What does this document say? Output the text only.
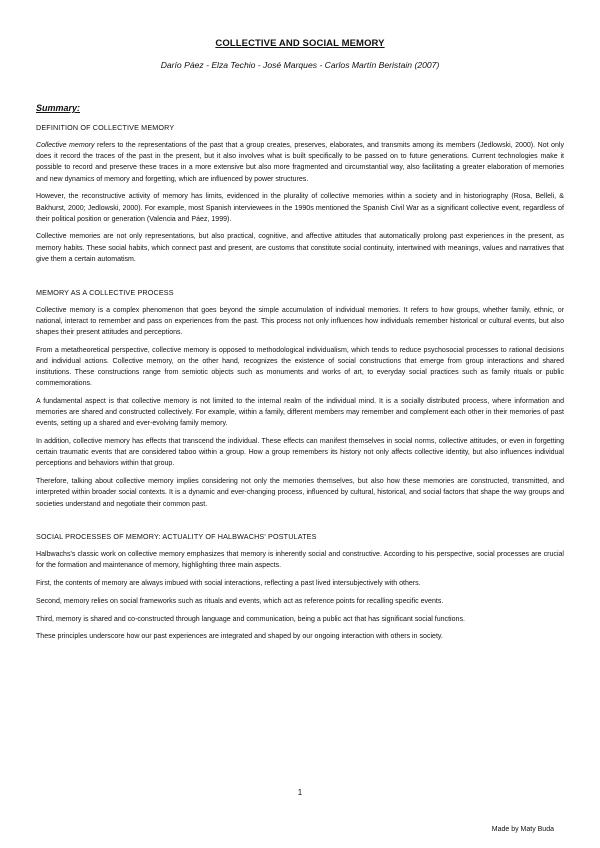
COLLECTIVE AND SOCIAL MEMORY
Darío Páez - Elza Techio - José Marques - Carlos Martín Beristain (2007)
Summary:
DEFINITION OF COLLECTIVE MEMORY

Collective memory refers to the representations of the past that a group creates, preserves, elaborates, and transmits among its members (Jedlowski, 2000). Not only does it record the traces of the past in the present, but it also involves what is built specifically to be passed on to future generations. Current technologies make it possible to record and preserve these traces in a more extensive but also more fragmented and circumstantial way, also facilitating a greater elaboration of memories and new dynamics of memory and forgetting, which are influenced by power structures.

However, the reconstructive activity of memory has limits, evidenced in the plurality of collective memories within a society and in historiography (Rosa, Belleli, & Bakhurst, 2000; Jedlowski, 2000). For example, most Spanish interviewees in the 1990s mentioned the Spanish Civil War as a significant collective event, regardless of their political position or generation (Valencia and Páez, 1999).

Collective memories are not only representations, but also practical, cognitive, and affective attitudes that automatically prolong past experiences in the present, as memory habits. These social habits, which connect past and present, are customs that constitute social continuity, intertwined with meanings, values and narratives that give them a certain automatism.

MEMORY AS A COLLECTIVE PROCESS

Collective memory is a complex phenomenon that goes beyond the simple accumulation of individual memories. It refers to how groups, whether family, ethnic, or national, interact to remember and pass on experiences from the past. This process not only influences how individuals remember historical or cultural events, but also shapes their present attitudes and perceptions.

From a metatheoretical perspective, collective memory is opposed to methodological individualism, which tends to reduce psychosocial processes to rational decisions and individual actions. Collective memory, on the other hand, recognizes the existence of social constructions that emerge from group interactions and shared institutions. These constructions range from semiotic objects such as monuments and works of art, to everyday social practices such as family rituals or public commemorations.

A fundamental aspect is that collective memory is not limited to the internal realm of the individual mind. It is a socially distributed process, where information and memories are shared and constructed collectively. For example, within a family, different members may remember and complement each other in their memories of past events, setting up a shared and ever-evolving family memory.

In addition, collective memory has effects that transcend the individual. These effects can manifest themselves in social norms, collective attitudes, or even in forgetting certain traumatic events that are considered taboo within a group. How a group remembers its history not only affects collective identity, but also influences individual perceptions and behaviors within that group.

Therefore, talking about collective memory implies considering not only the memories themselves, but also how these memories are constructed, transmitted, and interpreted within broader social contexts. It is a dynamic and ever-changing process, influenced by cultural, historical, and social factors that shape the way groups and societies understand and negotiate their common past.

SOCIAL PROCESSES OF MEMORY: ACTUALITY OF HALBWACHS' POSTULATES

Halbwachs's classic work on collective memory emphasizes that memory is inherently social and constructive. According to his perspective, social processes are crucial for the formation and maintenance of memory, highlighting three main aspects.

First, the contents of memory are always imbued with social interactions, reflecting a past lived intersubjectively with others.

Second, memory relies on social frameworks such as rituals and events, which act as reference points for recalling specific events.

Third, memory is shared and co-constructed through language and communication, being a public act that has significant social functions.

These principles underscore how our past experiences are integrated and shaped by our ongoing interaction with others in society.

1
Made by Maty Buda
